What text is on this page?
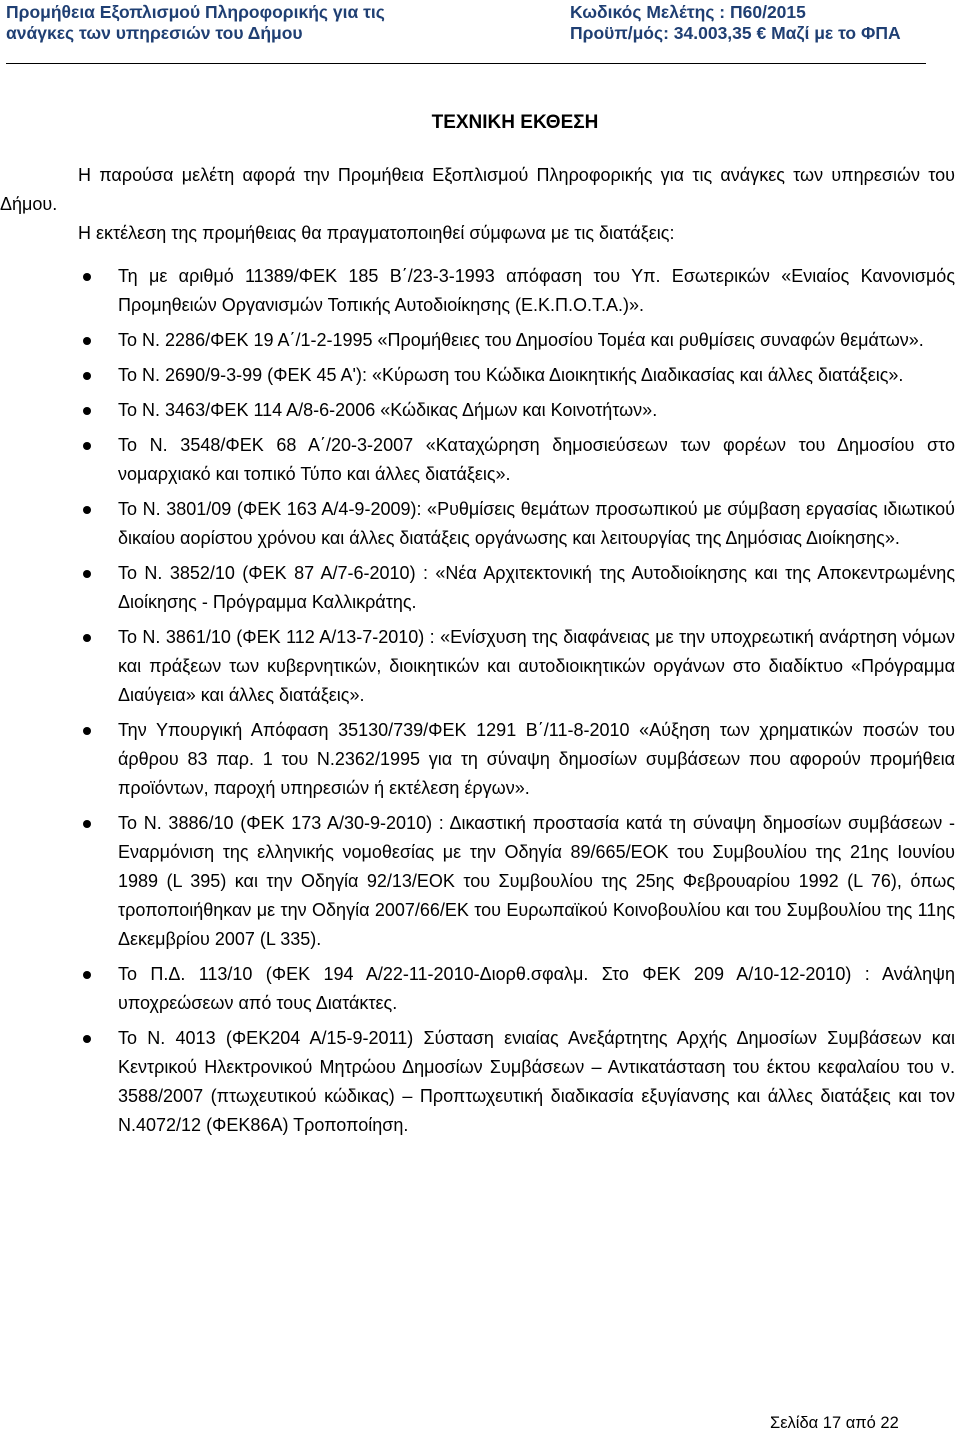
Προμήθεια Εξοπλισμού Πληροφορικής για τις
ανάγκες των υπηρεσιών του Δήμου
Κωδικός Μελέτης : Π60/2015
Προϋπ/μός: 34.003,35 € Μαζί με το ΦΠΑ
ΤΕΧΝΙΚΗ ΕΚΘΕΣΗ

Η παρούσα μελέτη αφορά την Προμήθεια Εξοπλισμού Πληροφορικής για τις ανάγκες των υπηρεσιών του Δήμου.

Η εκτέλεση της προμήθειας θα πραγματοποιηθεί σύμφωνα με τις διατάξεις:

Τη με αριθμό 11389/ΦΕΚ 185 Β΄/23-3-1993 απόφαση του Υπ. Εσωτερικών «Ενιαίος Κανονισμός Προμηθειών Οργανισμών Τοπικής Αυτοδιοίκησης (Ε.Κ.Π.Ο.Τ.Α.)».
Το Ν. 2286/ΦΕΚ 19 Α΄/1-2-1995 «Προμήθειες του Δημοσίου Τομέα και ρυθμίσεις συναφών θεμάτων».
Το Ν. 2690/9-3-99 (ΦΕΚ 45 Α'): «Κύρωση του Κώδικα Διοικητικής Διαδικασίας και άλλες διατάξεις».
Το Ν. 3463/ΦΕΚ 114 Α/8-6-2006 «Κώδικας Δήμων και Κοινοτήτων».
Το Ν. 3548/ΦΕΚ 68 Α΄/20-3-2007 «Καταχώρηση δημοσιεύσεων των φορέων του Δημοσίου στο νομαρχιακό και τοπικό Τύπο και άλλες διατάξεις».
Το Ν. 3801/09 (ΦΕΚ 163 Α/4-9-2009): «Ρυθμίσεις θεμάτων προσωπικού με σύμβαση εργασίας ιδιωτικού δικαίου αορίστου χρόνου και άλλες διατάξεις οργάνωσης και λειτουργίας της Δημόσιας Διοίκησης».
Το Ν. 3852/10 (ΦΕΚ 87 Α/7-6-2010) : «Νέα Αρχιτεκτονική της Αυτοδιοίκησης και της Αποκεντρωμένης Διοίκησης - Πρόγραμμα Καλλικράτης.
Το Ν. 3861/10 (ΦΕΚ 112 Α/13-7-2010) : «Ενίσχυση της διαφάνειας με την υποχρεωτική ανάρτηση νόμων και πράξεων των κυβερνητικών, διοικητικών και αυτοδιοικητικών οργάνων στο διαδίκτυο «Πρόγραμμα Διαύγεια» και άλλες διατάξεις».
Την Υπουργική Απόφαση 35130/739/ΦΕΚ 1291 Β΄/11-8-2010 «Αύξηση των χρηματικών ποσών του άρθρου 83 παρ. 1 του Ν.2362/1995 για τη σύναψη δημοσίων συμβάσεων που αφορούν προμήθεια προϊόντων, παροχή υπηρεσιών ή εκτέλεση έργων».
Το Ν. 3886/10 (ΦΕΚ 173 Α/30-9-2010) : Δικαστική προστασία κατά τη σύναψη δημοσίων συμβάσεων - Εναρμόνιση της ελληνικής νομοθεσίας με την Οδηγία 89/665/ΕΟΚ του Συμβουλίου της 21ης Ιουνίου 1989 (L 395) και την Οδηγία 92/13/ΕΟΚ του Συμβουλίου της 25ης Φεβρουαρίου 1992 (L 76), όπως τροποποιήθηκαν με την Οδηγία 2007/66/ΕΚ του Ευρωπαϊκού Κοινοβουλίου και του Συμβουλίου της 11ης Δεκεμβρίου 2007 (L 335).
Το Π.Δ. 113/10 (ΦΕΚ 194 Α/22-11-2010-Διορθ.σφαλμ. Στο ΦΕΚ 209 Α/10-12-2010) : Ανάληψη υποχρεώσεων από τους Διατάκτες.
Το Ν. 4013 (ΦΕΚ204 Α/15-9-2011) Σύσταση ενιαίας Ανεξάρτητης Αρχής Δημοσίων Συμβάσεων και Κεντρικού Ηλεκτρονικού Μητρώου Δημοσίων Συμβάσεων – Αντικατάσταση του έκτου κεφαλαίου του ν. 3588/2007 (πτωχευτικού κώδικας) – Προπτωχευτική διαδικασία εξυγίανσης και άλλες διατάξεις και τον Ν.4072/12 (ΦΕΚ86Α) Τροποποίηση.
Σελίδα 17 από 22
